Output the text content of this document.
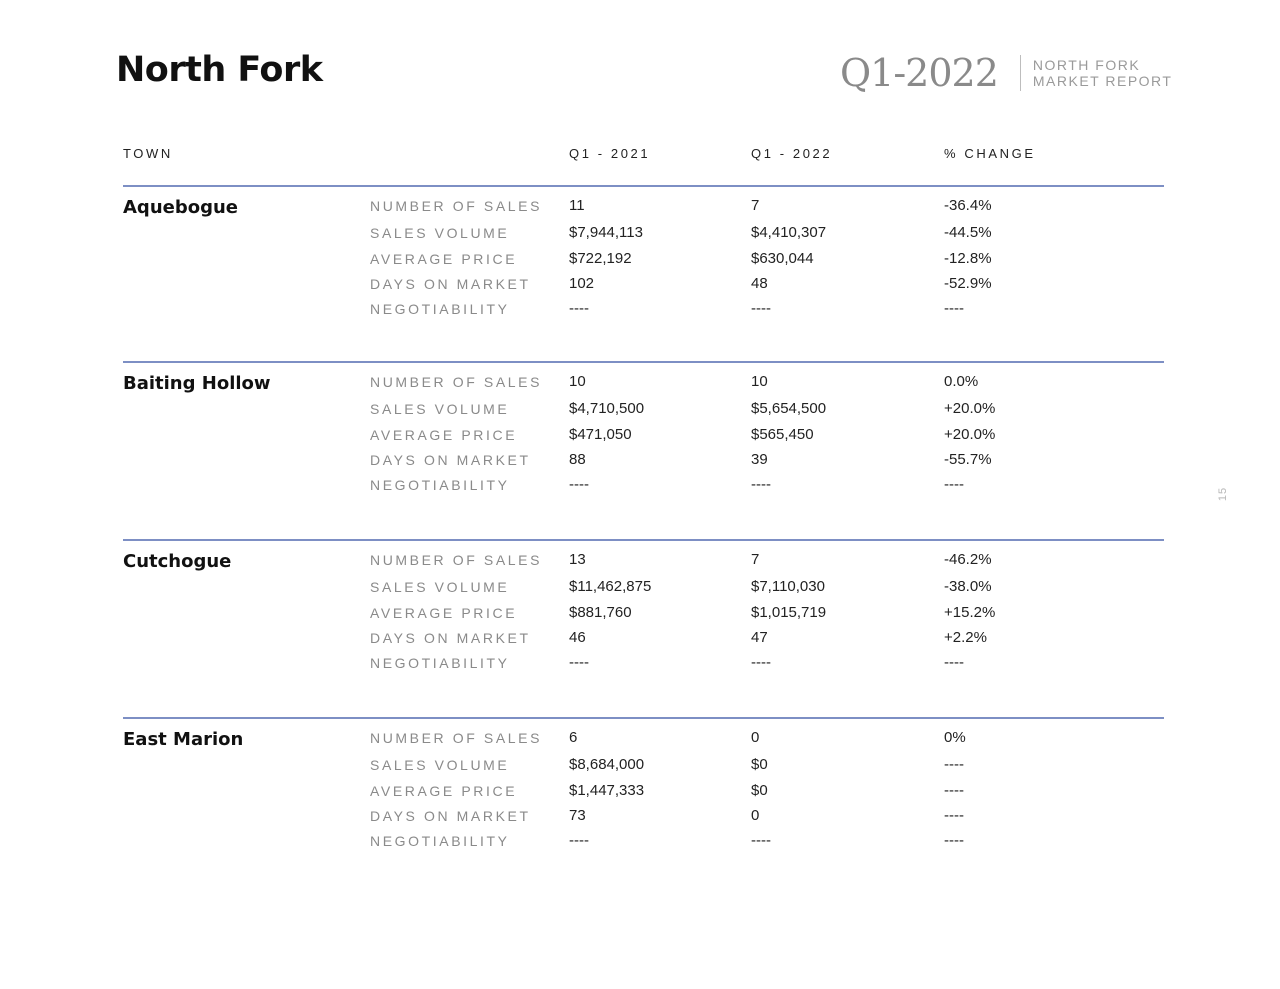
North Fork	Q1-2022	NORTH FORK
MARKET REPORT
15
TOWN	Q1 - 2021	Q1 - 2022	% CHANGE
Aquebogue	NUMBER OF SALES 11	7	-36.4%
SALES VOLUME	$7,944,113	$4,410,307	-44.5%
AVERAGE PRICE	$722,192	$630,044	-12.8%
DAYS ON MARKET	102	48	-52.9%
NEGOTIABILITY	----	----	----
Baiting Hollow	NUMBER OF SALES 10	10	0.0%
SALES VOLUME	$4,710,500	$5,654,500	+20.0%
AVERAGE PRICE	$471,050	$565,450	+20.0%
DAYS ON MARKET	88	39	-55.7%
NEGOTIABILITY	----	----	----
Cutchogue	NUMBER OF SALES 13	7	-46.2%
SALES VOLUME	$11,462,875	$7,110,030	-38.0%
AVERAGE PRICE	$881,760	$1,015,719	+15.2%
DAYS ON MARKET	46	47	+2.2%
NEGOTIABILITY	----	----	----
East Marion	NUMBER OF SALES 6	0	0%
SALES VOLUME	$8,684,000	$0	----
AVERAGE PRICE	$1,447,333	$0	----
DAYS ON MARKET	73	0	----
NEGOTIABILITY	----	----	----
